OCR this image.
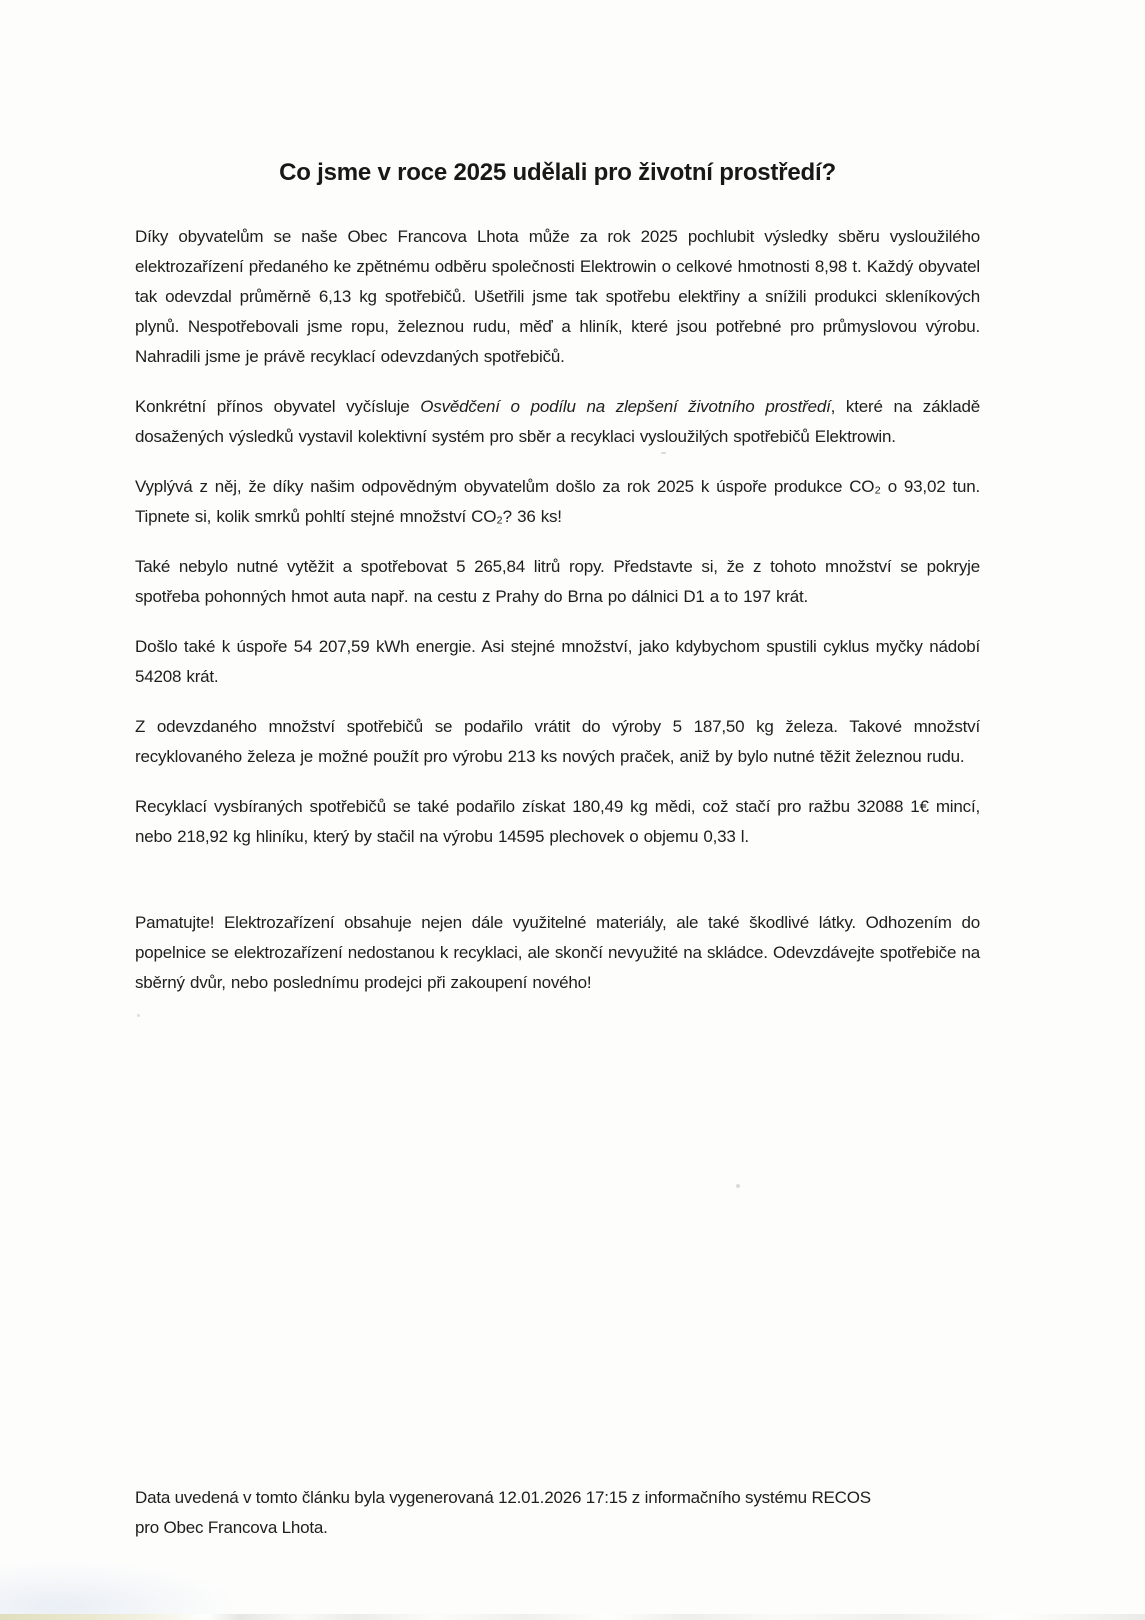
Co jsme v roce 2025 udělali pro životní prostředí?

Díky obyvatelům se naše Obec Francova Lhota může za rok 2025 pochlubit výsledky sběru vysloužilého elektrozařízení předaného ke zpětnému odběru společnosti Elektrowin o celkové hmotnosti 8,98 t. Každý obyvatel tak odevzdal průměrně 6,13 kg spotřebičů. Ušetřili jsme tak spotřebu elektřiny a snížili produkci skleníkových plynů. Nespotřebovali jsme ropu, železnou rudu, měď a hliník, které jsou potřebné pro průmyslovou výrobu. Nahradili jsme je právě recyklací odevzdaných spotřebičů.

Konkrétní přínos obyvatel vyčísluje Osvědčení o podílu na zlepšení životního prostředí, které na základě dosažených výsledků vystavil kolektivní systém pro sběr a recyklaci vysloužilých spotřebičů Elektrowin.

Vyplývá z něj, že díky našim odpovědným obyvatelům došlo za rok 2025 k úspoře produkce CO₂ o 93,02 tun. Tipnete si, kolik smrků pohltí stejné množství CO₂? 36 ks!

Také nebylo nutné vytěžit a spotřebovat 5 265,84 litrů ropy. Představte si, že z tohoto množství se pokryje spotřeba pohonných hmot auta např. na cestu z Prahy do Brna po dálnici D1 a to 197 krát.

Došlo také k úspoře 54 207,59 kWh energie. Asi stejné množství, jako kdybychom spustili cyklus myčky nádobí 54208 krát.

Z odevzdaného množství spotřebičů se podařilo vrátit do výroby 5 187,50 kg železa. Takové množství recyklovaného železa je možné použít pro výrobu 213 ks nových praček, aniž by bylo nutné těžit železnou rudu.

Recyklací vysbíraných spotřebičů se také podařilo získat 180,49 kg mědi, což stačí pro ražbu 32088 1€ mincí, nebo 218,92 kg hliníku, který by stačil na výrobu 14595 plechovek o objemu 0,33 l.

Pamatujte! Elektrozařízení obsahuje nejen dále využitelné materiály, ale také škodlivé látky. Odhozením do popelnice se elektrozařízení nedostanou k recyklaci, ale skončí nevyužité na skládce. Odevzdávejte spotřebiče na sběrný dvůr, nebo poslednímu prodejci při zakoupení nového!

Data uvedená v tomto článku byla vygenerovaná 12.01.2026 17:15 z informačního systému RECOS
pro Obec Francova Lhota.
